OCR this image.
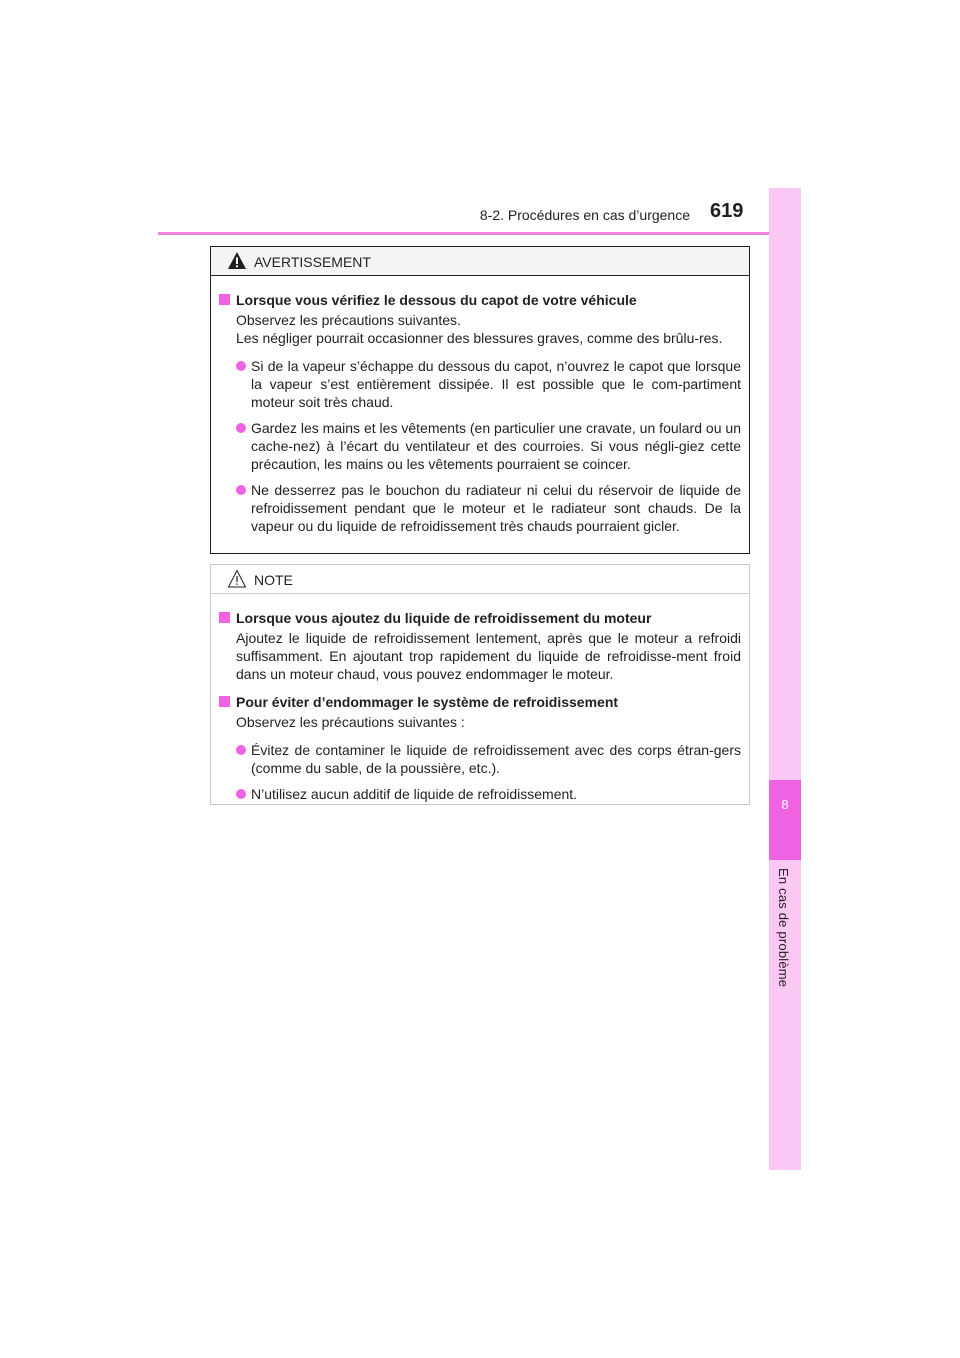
8-2. Procédures en cas d’urgence 619
8
En cas de problème
AVERTISSEMENT
Lorsque vous vérifiez le dessous du capot de votre véhicule

Observez les précautions suivantes.

Les négliger pourrait occasionner des blessures graves, comme des brûlu-res.

Si de la vapeur s’échappe du dessous du capot, n’ouvrez le capot que lorsque la vapeur s’est entièrement dissipée. Il est possible que le com-partiment moteur soit très chaud.
Gardez les mains et les vêtements (en particulier une cravate, un foulard ou un cache-nez) à l’écart du ventilateur et des courroies. Si vous négli-giez cette précaution, les mains ou les vêtements pourraient se coincer.
Ne desserrez pas le bouchon du radiateur ni celui du réservoir de liquide de refroidissement pendant que le moteur et le radiateur sont chauds. De la vapeur ou du liquide de refroidissement très chauds pourraient gicler.
NOTE
Lorsque vous ajoutez du liquide de refroidissement du moteur

Ajoutez le liquide de refroidissement lentement, après que le moteur a refroidi suffisamment. En ajoutant trop rapidement du liquide de refroidisse-ment froid dans un moteur chaud, vous pouvez endommager le moteur.

Pour éviter d’endommager le système de refroidissement

Observez les précautions suivantes :

Évitez de contaminer le liquide de refroidissement avec des corps étran-gers (comme du sable, de la poussière, etc.).
N’utilisez aucun additif de liquide de refroidissement.
